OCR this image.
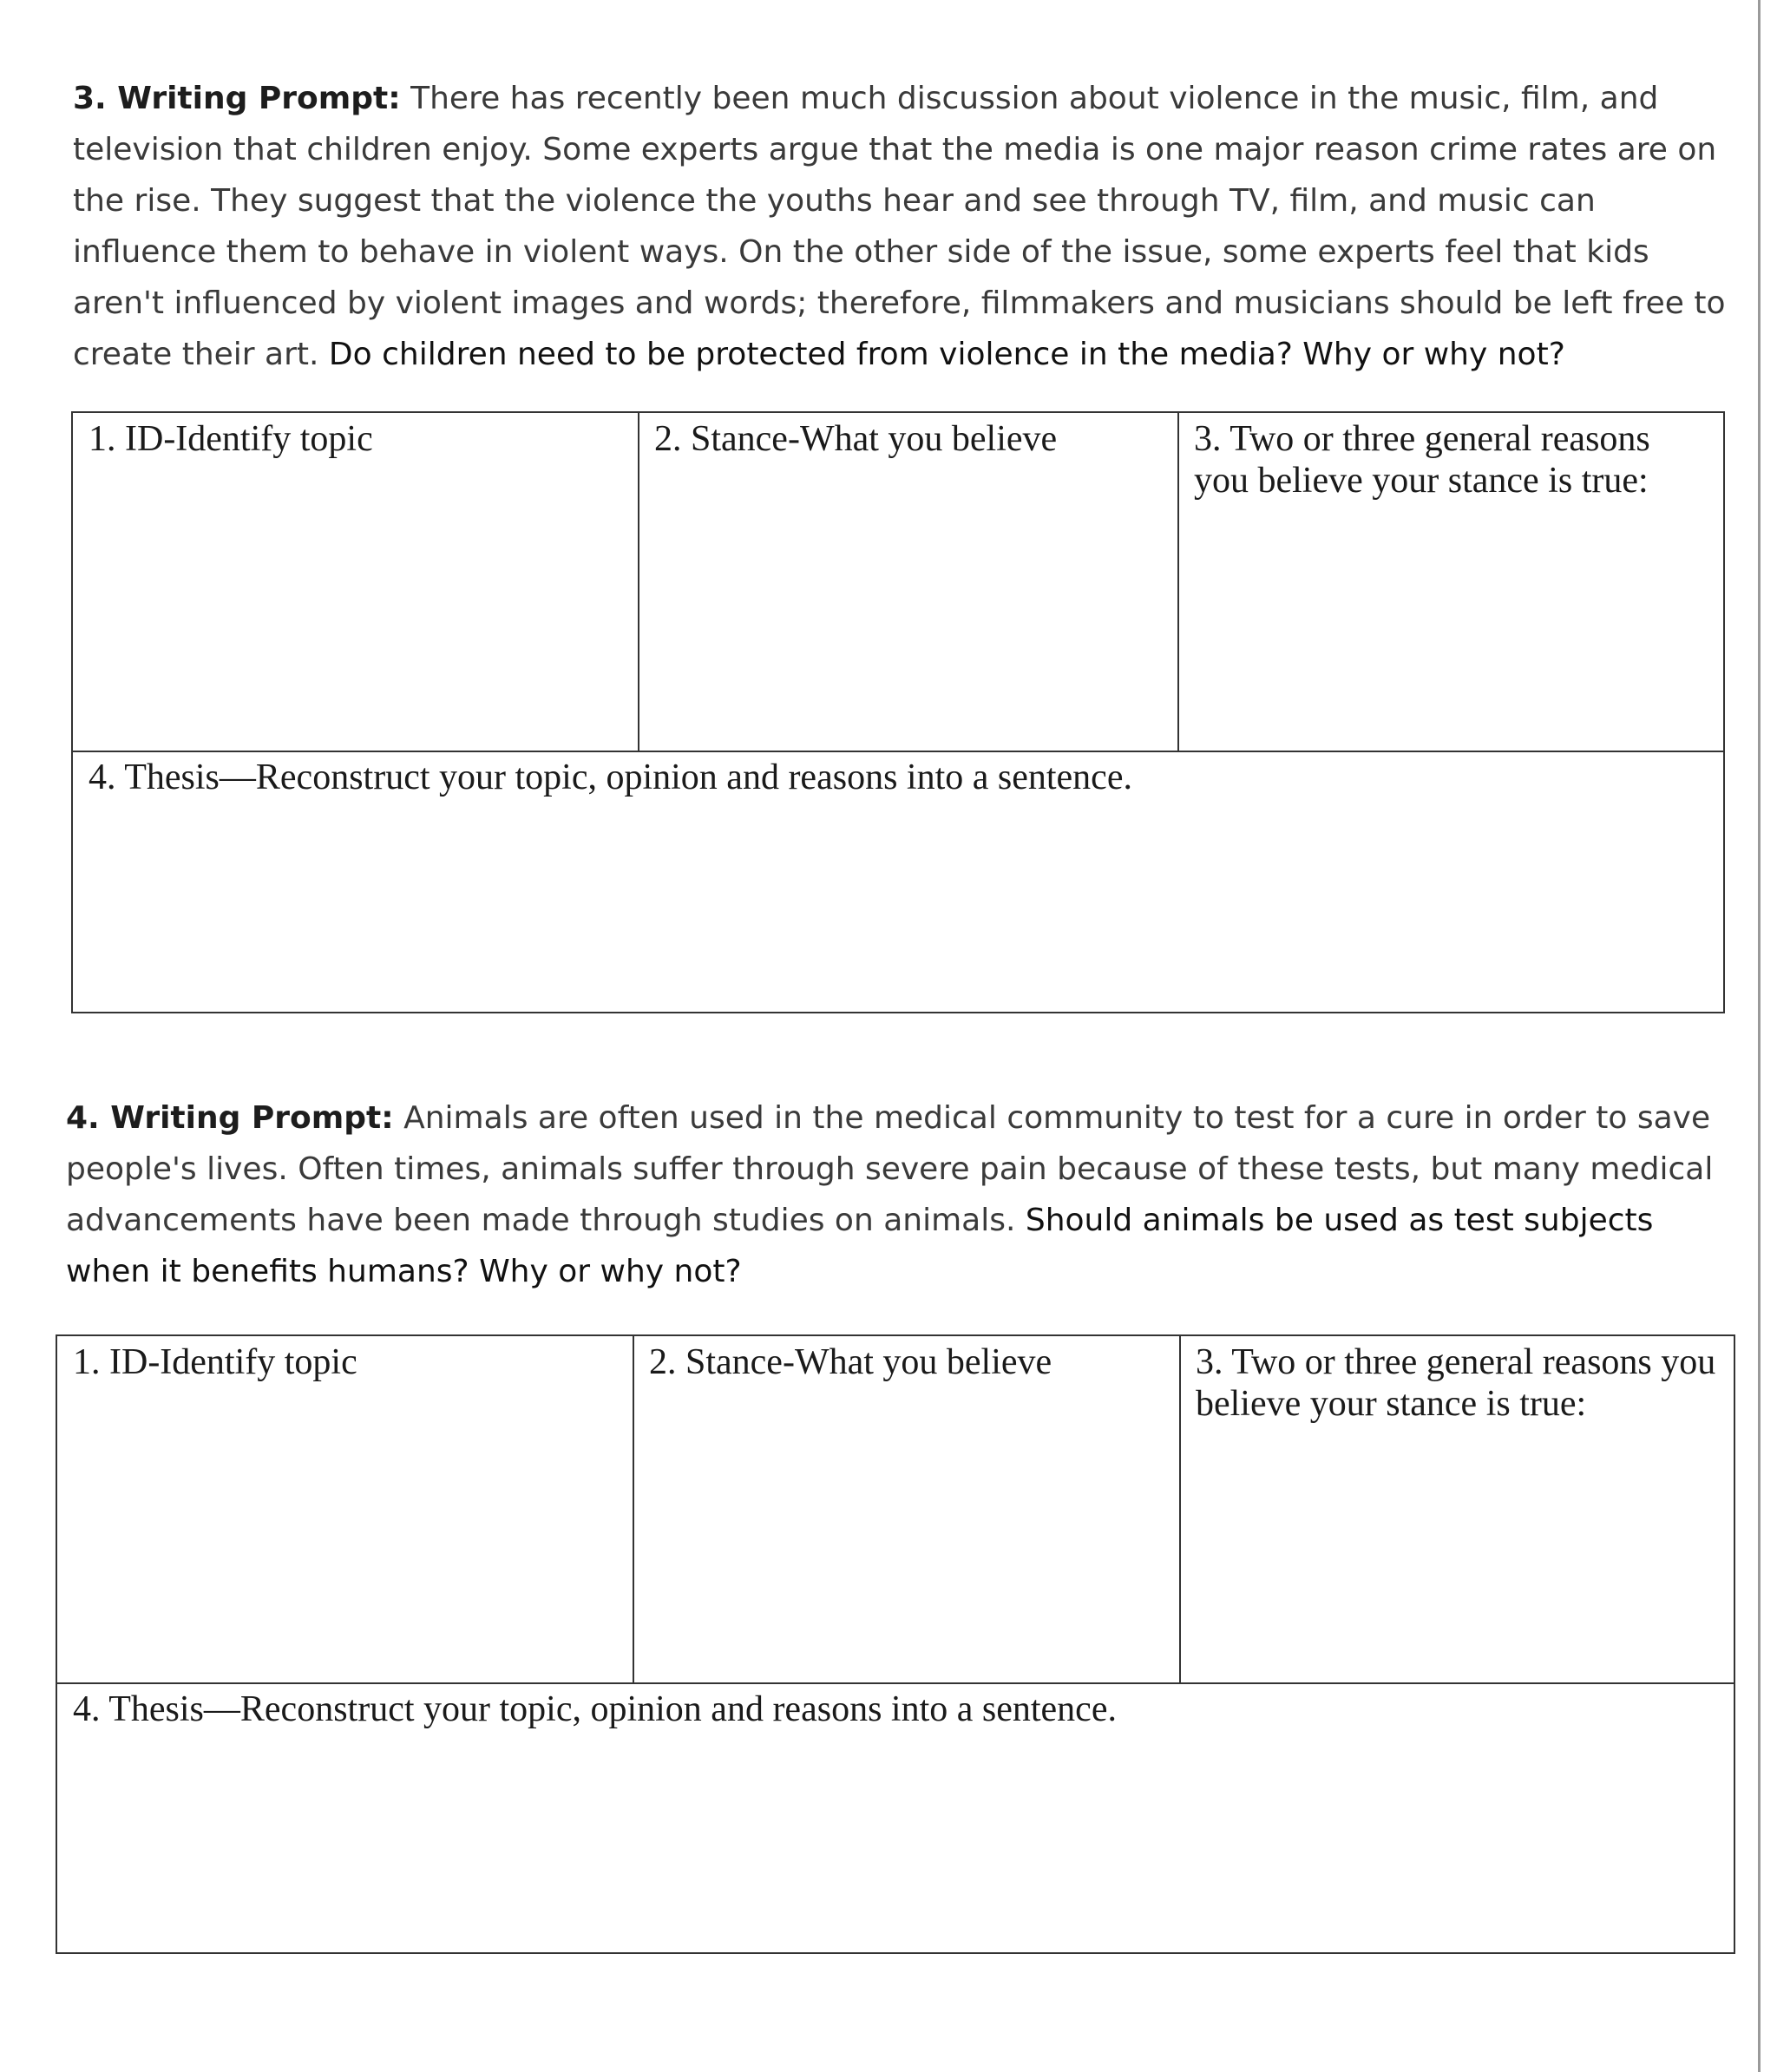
3. Writing Prompt: There has recently been much discussion about violence in the music, film, and television that children enjoy. Some experts argue that the media is one major reason crime rates are on the rise. They suggest that the violence the youths hear and see through TV, film, and music can influence them to behave in violent ways. On the other side of the issue, some experts feel that kids aren't influenced by violent images and words; therefore, filmmakers and musicians should be left free to create their art. Do children need to be protected from violence in the media? Why or why not?

1. ID-Identify topic	2. Stance-What you believe	3. Two or three general reasons you believe your stance is true:
4. Thesis—Reconstruct your topic, opinion and reasons into a sentence.

4. Writing Prompt: Animals are often used in the medical community to test for a cure in order to save people's lives. Often times, animals suffer through severe pain because of these tests, but many medical advancements have been made through studies on animals. Should animals be used as test subjects when it benefits humans? Why or why not?

1. ID-Identify topic	2. Stance-What you believe	3. Two or three general reasons you believe your stance is true:
4. Thesis—Reconstruct your topic, opinion and reasons into a sentence.
